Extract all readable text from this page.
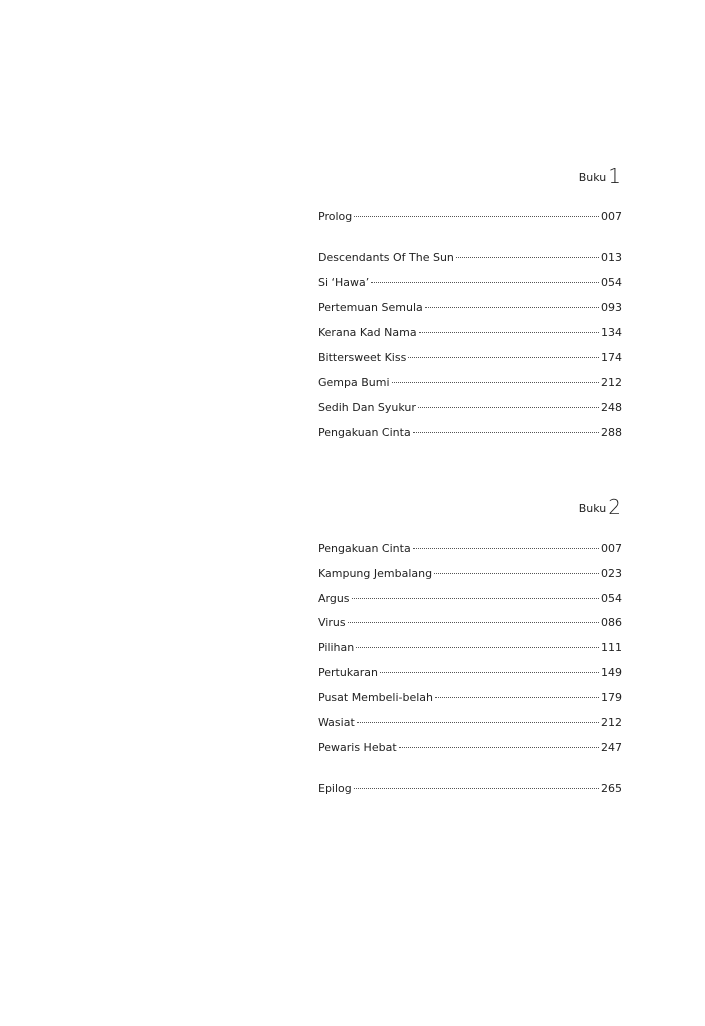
Buku 1
Prolog	007
Descendants Of The Sun	013
Si ‘Hawa’	054
Pertemuan Semula	093
Kerana Kad Nama	134
Bittersweet Kiss	174
Gempa Bumi	212
Sedih Dan Syukur	248
Pengakuan Cinta	288
Buku 2
Pengakuan Cinta	007
Kampung Jembalang	023
Argus	054
Virus	086
Pilihan	111
Pertukaran	149
Pusat Membeli-belah	179
Wasiat	212
Pewaris Hebat	247
Epilog	265
